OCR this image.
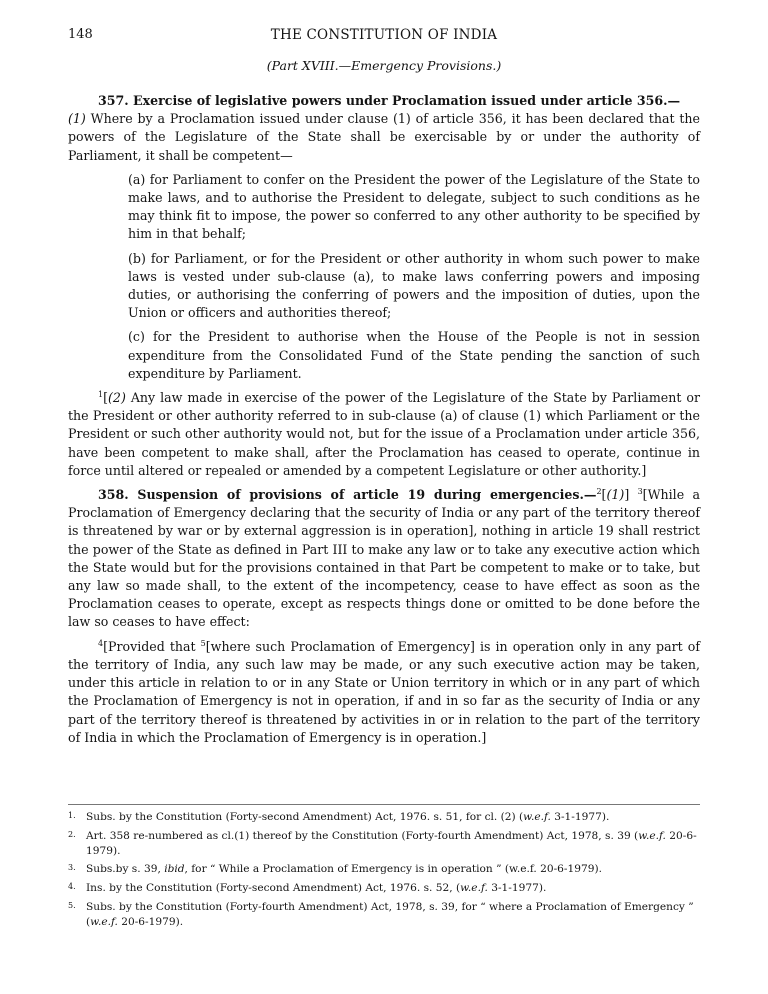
148	THE CONSTITUTION OF INDIA
(Part XVIII.—Emergency Provisions.)

357. Exercise of legislative powers under Proclamation issued under article 356.—
(1) Where by a Proclamation issued under clause (1) of article 356, it has been declared that the powers of the Legislature of the State shall be exercisable by or under the authority of Parliament, it shall be competent—

(a) for Parliament to confer on the President the power of the Legislature of the State to make laws, and to authorise the President to delegate, subject to such conditions as he may think fit to impose, the power so conferred to any other authority to be specified by him in that behalf;

(b) for Parliament, or for the President or other authority in whom such power to make laws is vested under sub-clause (a), to make laws conferring powers and imposing duties, or authorising the conferring of powers and the imposition of duties, upon the Union or officers and authorities thereof;

(c) for the President to authorise when the House of the People is not in session expenditure from the Consolidated Fund of the State pending the sanction of such expenditure by Parliament.

$^1$[(2) Any law made in exercise of the power of the Legislature of the State by Parliament or the President or other authority referred to in sub-clause (a) of clause (1) which Parliament or the President or such other authority would not, but for the issue of a Proclamation under article 356, have been competent to make shall, after the Proclamation has ceased to operate, continue in force until altered or repealed or amended by a competent Legislature or other authority.]

358. Suspension of provisions of article 19 during emergencies.—$^2$[(1)] $^3$[While a Proclamation of Emergency declaring that the security of India or any part of the territory thereof is threatened by war or by external aggression is in operation], nothing in article 19 shall restrict the power of the State as defined in Part III to make any law or to take any executive action which the State would but for the provisions contained in that Part be competent to make or to take, but any law so made shall, to the extent of the incompetency, cease to have effect as soon as the Proclamation ceases to operate, except as respects things done or omitted to be done before the law so ceases to have effect:

$^4$[Provided that $^5$[where such Proclamation of Emergency] is in operation only in any part of the territory of India, any such law may be made, or any such executive action may be taken, under this article in relation to or in any State or Union territory in which or in any part of which the Proclamation of Emergency is not in operation, if and in so far as the security of India or any part of the territory thereof is threatened by activities in or in relation to the part of the territory of India in which the Proclamation of Emergency is in operation.]

1. Subs. by the Constitution (Forty-second Amendment) Act, 1976. s. 51, for cl. (2) (w.e.f. 3-1-1977).
2. Art. 358 re-numbered as cl.(1) thereof by the Constitution (Forty-fourth Amendment) Act, 1978, s. 39 (w.e.f. 20-6-1979).
3. Subs.by s. 39, ibid, for “ While a Proclamation of Emergency is in operation ” (w.e.f. 20-6-1979).
4. Ins. by the Constitution (Forty-second Amendment) Act, 1976. s. 52, (w.e.f. 3-1-1977).
5. Subs. by the Constitution (Forty-fourth Amendment) Act, 1978, s. 39, for “ where a Proclamation of Emergency ” (w.e.f. 20-6-1979).
